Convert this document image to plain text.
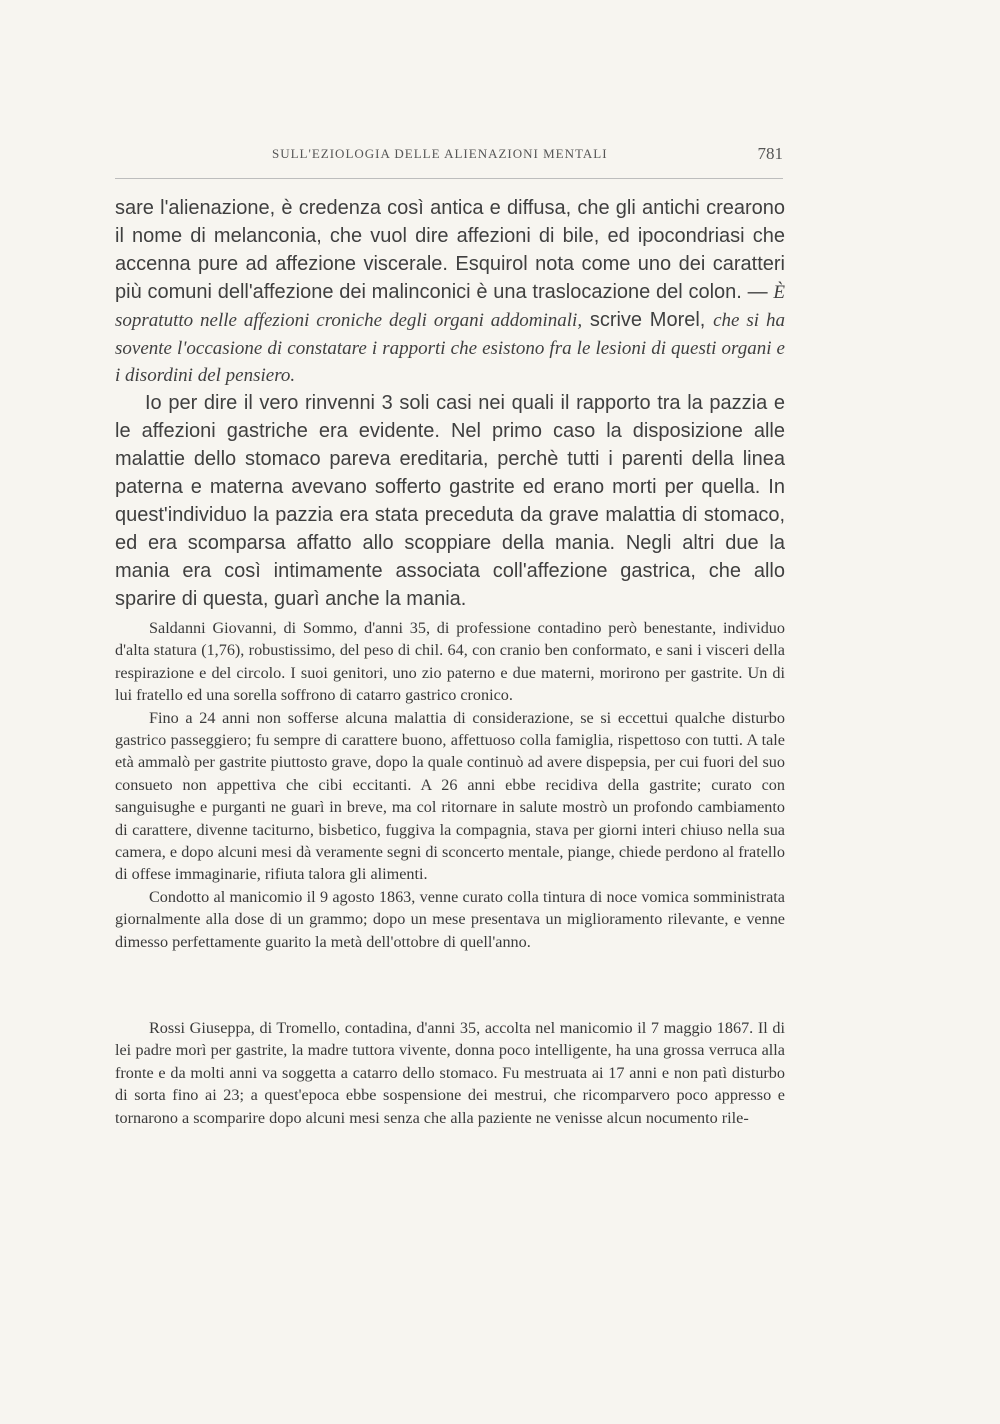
SULL'EZIOLOGIA DELLE ALIENAZIONI MENTALI	781

sare l'alienazione, è credenza così antica e diffusa, che gli antichi crearono il nome di melanconia, che vuol dire affezioni di bile, ed ipocondriasi che accenna pure ad affezione viscerale. Esquirol nota come uno dei caratteri più comuni dell'affezione dei malinconici è una traslocazione del colon. — È sopratutto nelle affezioni croniche degli organi addominali, scrive Morel, che si ha sovente l'occasione di constatare i rapporti che esistono fra le lesioni di questi organi e i disordini del pensiero.

Io per dire il vero rinvenni 3 soli casi nei quali il rapporto tra la pazzia e le affezioni gastriche era evidente. Nel primo caso la disposizione alle malattie dello stomaco pareva ereditaria, perchè tutti i parenti della linea paterna e materna avevano sofferto gastrite ed erano morti per quella. In quest'individuo la pazzia era stata preceduta da grave malattia di stomaco, ed era scomparsa affatto allo scoppiare della mania. Negli altri due la mania era così intimamente associata coll'affezione gastrica, che allo sparire di questa, guarì anche la mania.

Saldanni Giovanni, di Sommo, d'anni 35, di professione contadino però benestante, individuo d'alta statura (1,76), robustissimo, del peso di chil. 64, con cranio ben conformato, e sani i visceri della respirazione e del circolo. I suoi genitori, uno zio paterno e due materni, morirono per gastrite. Un di lui fratello ed una sorella soffrono di catarro gastrico cronico.

Fino a 24 anni non sofferse alcuna malattia di considerazione, se si eccettui qualche disturbo gastrico passeggiero; fu sempre di carattere buono, affettuoso colla famiglia, rispettoso con tutti. A tale età ammalò per gastrite piuttosto grave, dopo la quale continuò ad avere dispepsia, per cui fuori del suo consueto non appettiva che cibi eccitanti. A 26 anni ebbe recidiva della gastrite; curato con sanguisughe e purganti ne guarì in breve, ma col ritornare in salute mostrò un profondo cambiamento di carattere, divenne taciturno, bisbetico, fuggiva la compagnia, stava per giorni interi chiuso nella sua camera, e dopo alcuni mesi dà veramente segni di sconcerto mentale, piange, chiede perdono al fratello di offese immaginarie, rifiuta talora gli alimenti.

Condotto al manicomio il 9 agosto 1863, venne curato colla tintura di noce vomica somministrata giornalmente alla dose di un grammo; dopo un mese presentava un miglioramento rilevante, e venne dimesso perfettamente guarito la metà dell'ottobre di quell'anno.

Rossi Giuseppa, di Tromello, contadina, d'anni 35, accolta nel manicomio il 7 maggio 1867. Il di lei padre morì per gastrite, la madre tuttora vivente, donna poco intelligente, ha una grossa verruca alla fronte e da molti anni va soggetta a catarro dello stomaco. Fu mestruata ai 17 anni e non patì disturbo di sorta fino ai 23; a quest'epoca ebbe sospensione dei mestrui, che ricomparvero poco appresso e tornarono a scomparire dopo alcuni mesi senza che alla paziente ne venisse alcun nocumento rile-
